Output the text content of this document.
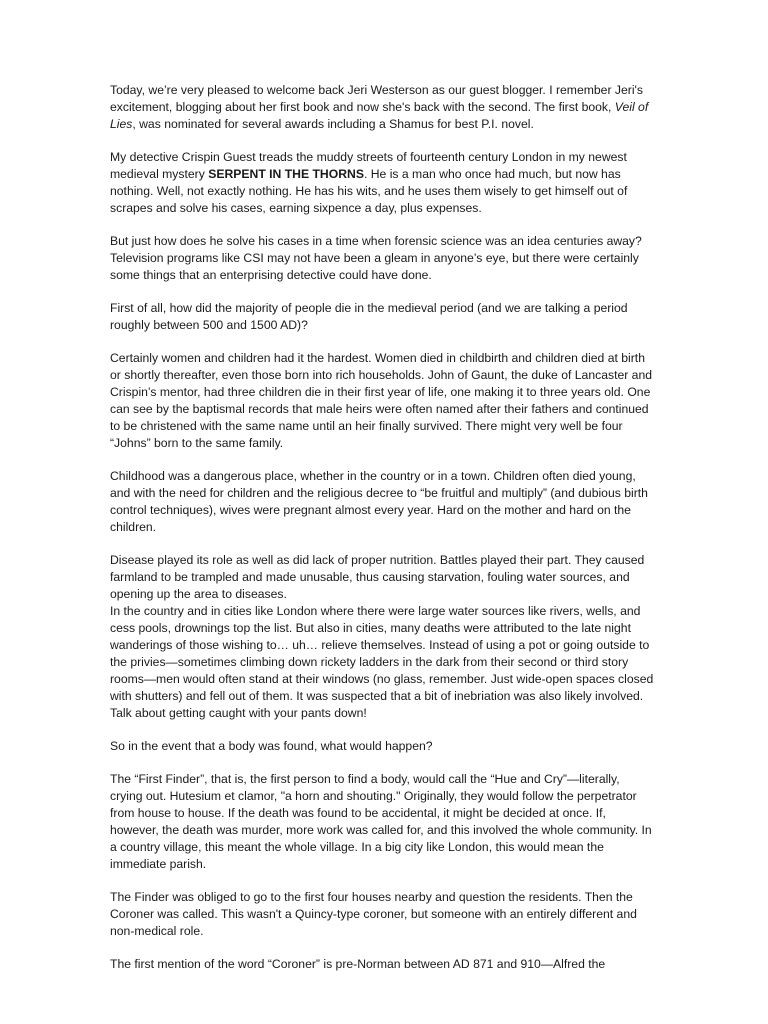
Today, we’re very pleased to welcome back Jeri Westerson as our guest blogger. I remember Jeri's excitement, blogging about her first book and now she's back with the second. The first book, Veil of Lies, was nominated for several awards including a Shamus for best P.I. novel.

My detective Crispin Guest treads the muddy streets of fourteenth century London in my newest medieval mystery SERPENT IN THE THORNS. He is a man who once had much, but now has nothing. Well, not exactly nothing. He has his wits, and he uses them wisely to get himself out of scrapes and solve his cases, earning sixpence a day, plus expenses.

But just how does he solve his cases in a time when forensic science was an idea centuries away? Television programs like CSI may not have been a gleam in anyone’s eye, but there were certainly some things that an enterprising detective could have done.

First of all, how did the majority of people die in the medieval period (and we are talking a period roughly between 500 and 1500 AD)?

Certainly women and children had it the hardest. Women died in childbirth and children died at birth or shortly thereafter, even those born into rich households. John of Gaunt, the duke of Lancaster and Crispin’s mentor, had three children die in their first year of life, one making it to three years old. One can see by the baptismal records that male heirs were often named after their fathers and continued to be christened with the same name until an heir finally survived. There might very well be four “Johns” born to the same family.

Childhood was a dangerous place, whether in the country or in a town. Children often died young, and with the need for children and the religious decree to “be fruitful and multiply” (and dubious birth control techniques), wives were pregnant almost every year. Hard on the mother and hard on the children.

Disease played its role as well as did lack of proper nutrition. Battles played their part. They caused farmland to be trampled and made unusable, thus causing starvation, fouling water sources, and opening up the area to diseases.

In the country and in cities like London where there were large water sources like rivers, wells, and cess pools, drownings top the list. But also in cities, many deaths were attributed to the late night wanderings of those wishing to… uh… relieve themselves. Instead of using a pot or going outside to the privies—sometimes climbing down rickety ladders in the dark from their second or third story rooms—men would often stand at their windows (no glass, remember. Just wide-open spaces closed with shutters) and fell out of them. It was suspected that a bit of inebriation was also likely involved. Talk about getting caught with your pants down!

So in the event that a body was found, what would happen?

The “First Finder”, that is, the first person to find a body, would call the “Hue and Cry”—literally, crying out. Hutesium et clamor, "a horn and shouting." Originally, they would follow the perpetrator from house to house. If the death was found to be accidental, it might be decided at once. If, however, the death was murder, more work was called for, and this involved the whole community. In a country village, this meant the whole village. In a big city like London, this would mean the immediate parish.

The Finder was obliged to go to the first four houses nearby and question the residents. Then the Coroner was called. This wasn't a Quincy-type coroner, but someone with an entirely different and non-medical role.

The first mention of the word “Coroner” is pre-Norman between AD 871 and 910—Alfred the
